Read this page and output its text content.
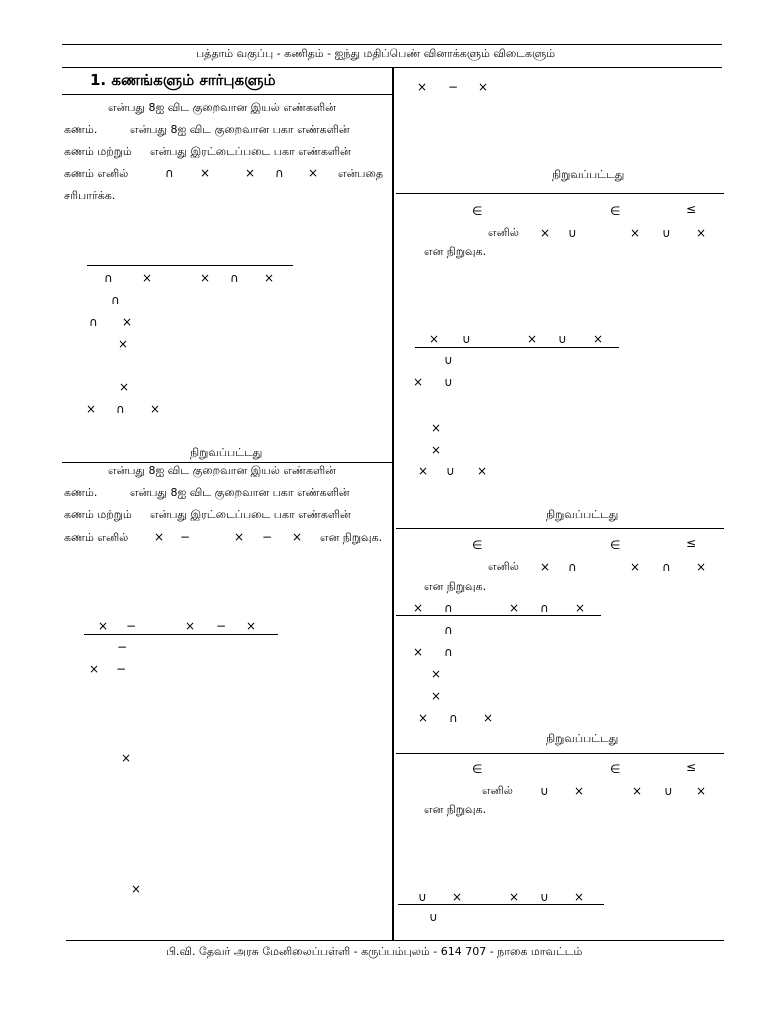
பத்தாம் வகுப்பு - கணிதம் - ஐந்து மதிப்பெண் வினாக்களும் விடைகளும்
1. கணங்களும் சார்புகளும்
என்பது 8ஐ விட குறைவான இயல் எண்களின்
கணம்.	என்பது 8ஐ விட குறைவான பகா எண்களின்
கணம் மற்றும் என்பது இரட்டைப்படை பகா எண்களின்
கணம் எனில்	∩ ×	× ∩ × என்பதை
சரிபார்க்க.
∩ ×	× ∩ ×
∩
∩ ×
×
×
× ∩ ×
நிறுவப்பட்டது
என்பது 8ஐ விட குறைவான இயல் எண்களின்
கணம்.	என்பது 8ஐ விட குறைவான பகா எண்களின்
கணம் மற்றும் என்பது இரட்டைப்படை பகா எண்களின்
கணம் எனில் × −	× − × என நிறுவுக.
× −	× − ×
−
× −
×
×
× − ×
நிறுவப்பட்டது
∈	∈	≤
எனில் × ∪	× ∪ ×
என நிறுவுக.
× ∪	× ∪ ×
∪
× ∪
×
×
× ∪ ×
நிறுவப்பட்டது
∈	∈	≤
எனில் × ∩	× ∩ ×
என நிறுவுக.
× ∩	× ∩ ×
∩
× ∩
×
×
× ∩ ×
நிறுவப்பட்டது
∈	∈	≤
எனில் ∪ ×	× ∪ ×
என நிறுவுக.
∪ ×	× ∪ ×
∪
பி.வி. தேவர் அரசு மேனிலைப்பள்ளி - கருப்பம்புலம் - 614 707 - நாகை மாவட்டம்
